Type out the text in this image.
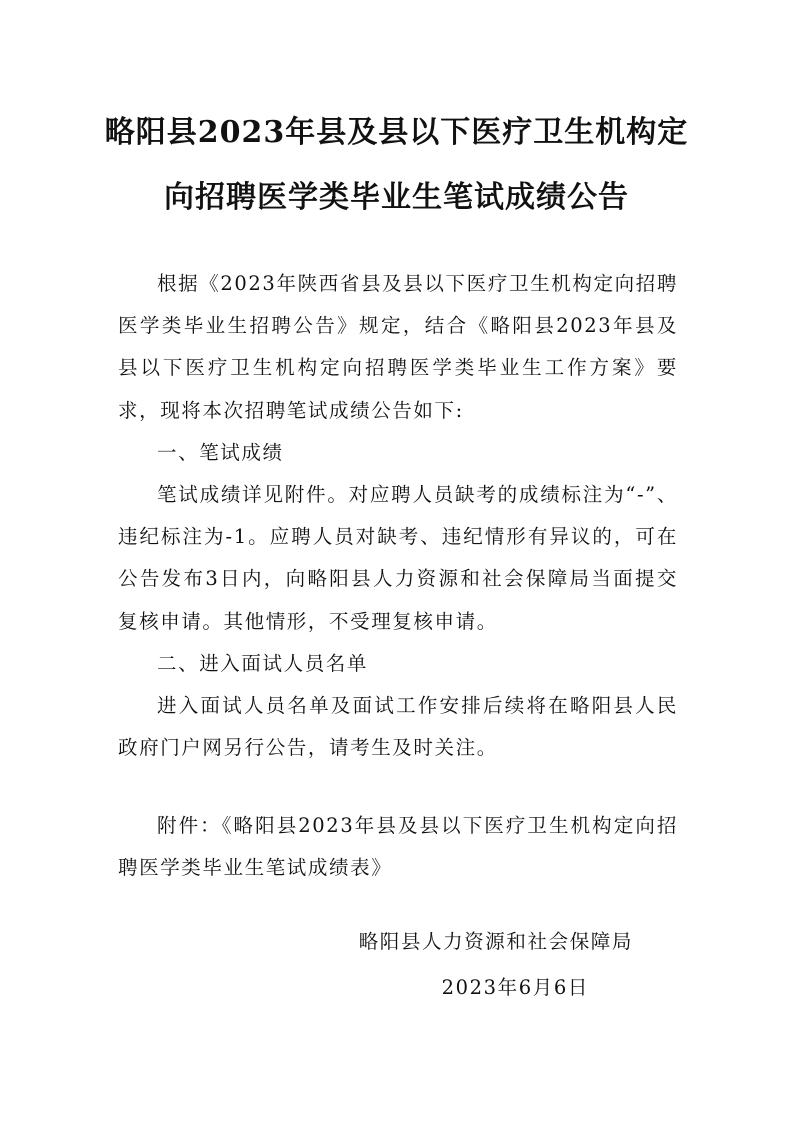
略阳县2023年县及县以下医疗卫生机构定
向招聘医学类毕业生笔试成绩公告

根据《2023年陕西省县及县以下医疗卫生机构定向招聘医学类毕业生招聘公告》规定，结合《略阳县2023年县及县以下医疗卫生机构定向招聘医学类毕业生工作方案》要求，现将本次招聘笔试成绩公告如下:

一、笔试成绩

笔试成绩详见附件。对应聘人员缺考的成绩标注为“-”、违纪标注为-1。应聘人员对缺考、违纪情形有异议的，可在公告发布3日内，向略阳县人力资源和社会保障局当面提交复核申请。其他情形，不受理复核申请。

二、进入面试人员名单

进入面试人员名单及面试工作安排后续将在略阳县人民政府门户网另行公告，请考生及时关注。

附件：《略阳县2023年县及县以下医疗卫生机构定向招聘医学类毕业生笔试成绩表》

略阳县人力资源和社会保障局
2023年6月6日
